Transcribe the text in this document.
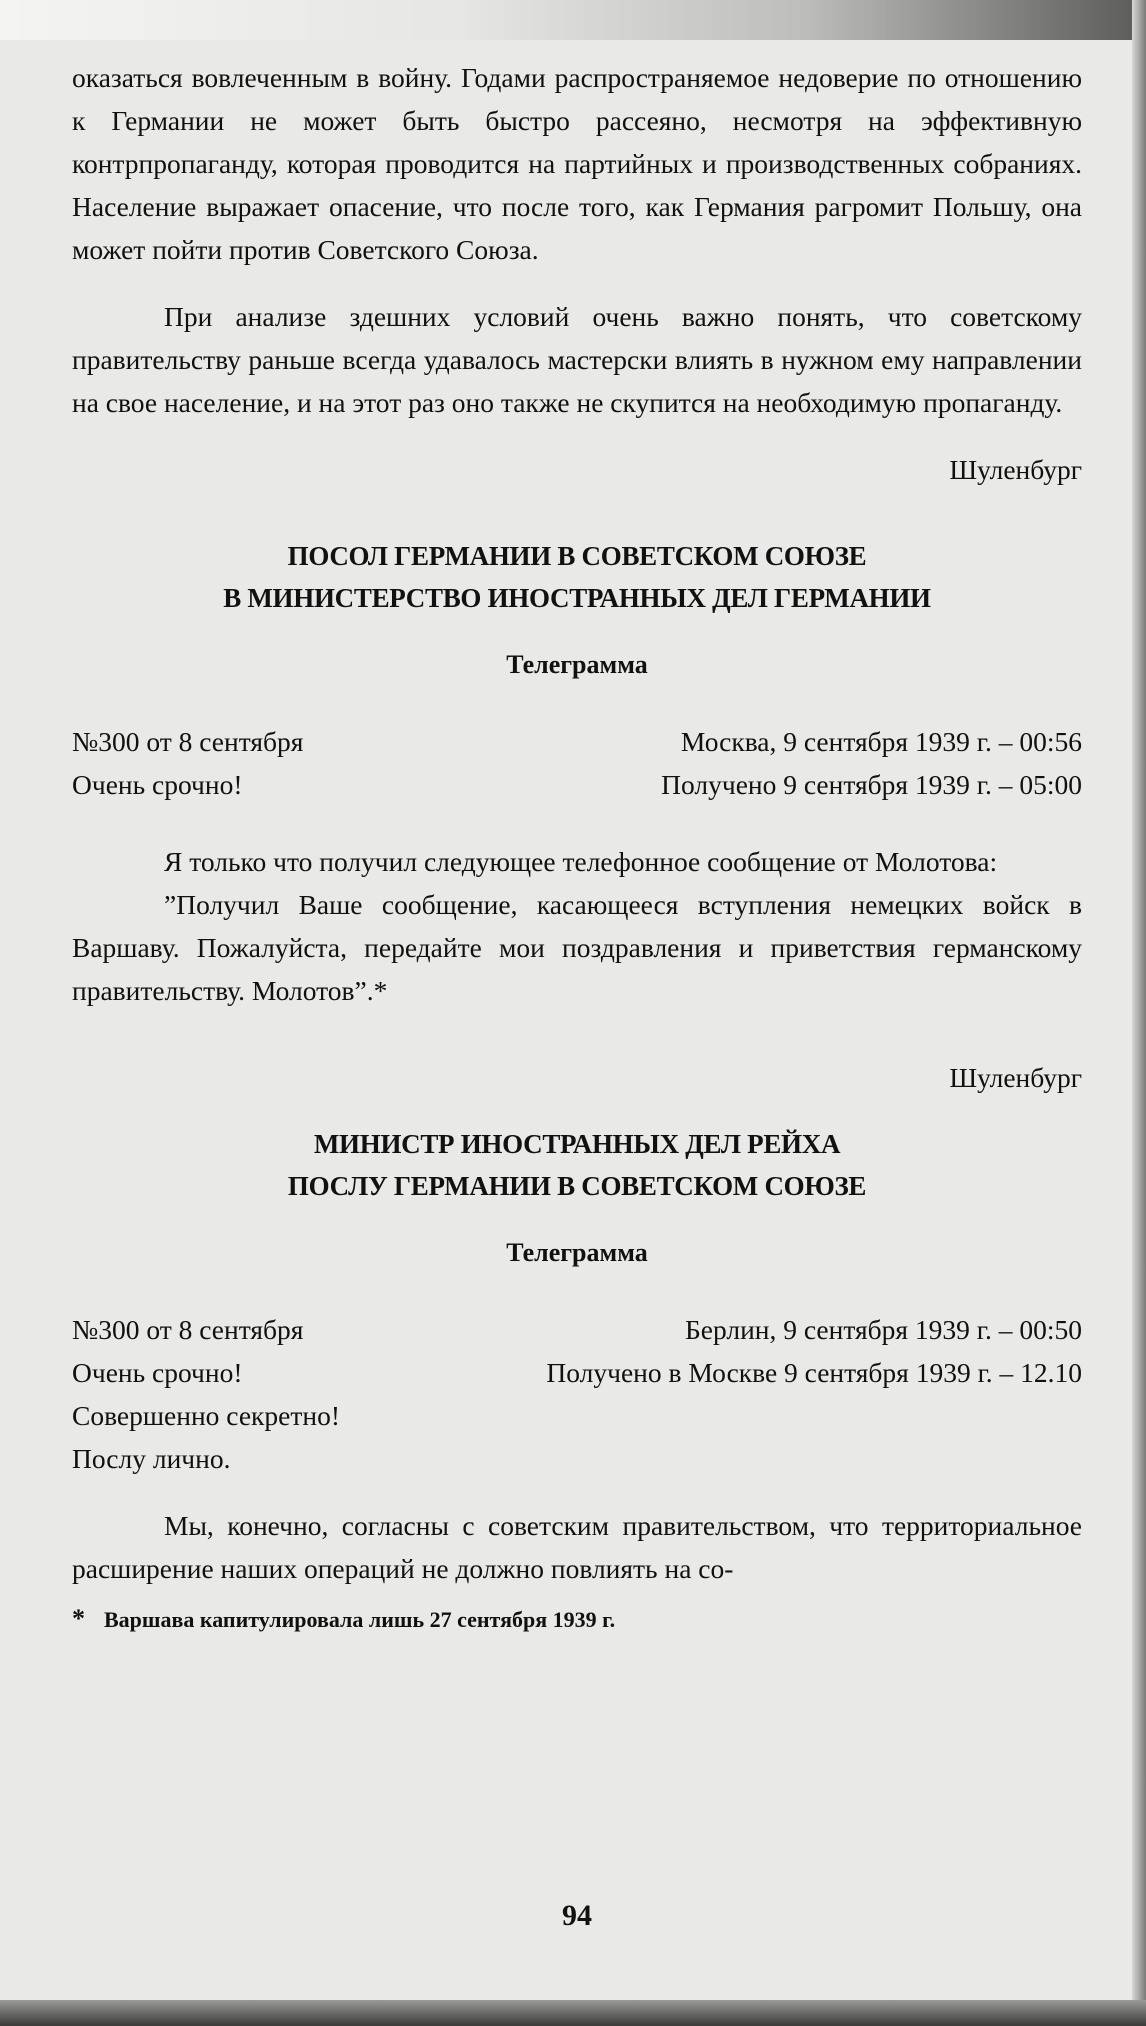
оказаться вовлеченным в войну. Годами распространяемое недоверие по отношению к Германии не может быть быстро рассеяно, несмотря на эффективную контрпропаганду, которая проводится на партийных и производственных собраниях. Население выражает опасение, что после того, как Германия рагромит Польшу, она может пойти против Советского Союза.

При анализе здешних условий очень важно понять, что советскому правительству раньше всегда удавалось мастерски влиять в нужном ему направлении на свое население, и на этот раз оно также не скупится на необходимую пропаганду.

Шуленбург

ПОСОЛ ГЕРМАНИИ В СОВЕТСКОМ СОЮЗЕ
В МИНИСТЕРСТВО ИНОСТРАННЫХ ДЕЛ ГЕРМАНИИ
Телеграмма
№300 от 8 сентября	Москва, 9 сентября 1939 г. – 00:56
Очень срочно!	Получено 9 сентября 1939 г. – 05:00

Я только что получил следующее телефонное сообщение от Молотова:

”Получил Ваше сообщение, касающееся вступления немецких войск в Варшаву. Пожалуйста, передайте мои поздравления и приветствия германскому правительству. Молотов”.*

Шуленбург

МИНИСТР ИНОСТРАННЫХ ДЕЛ РЕЙХА
ПОСЛУ ГЕРМАНИИ В СОВЕТСКОМ СОЮЗЕ
Телеграмма
№300 от 8 сентября	Берлин, 9 сентября 1939 г. – 00:50
Очень срочно!	Получено в Москве 9 сентября 1939 г. – 12.10
Совершенно секретно!
Послу лично.

Мы, конечно, согласны с советским правительством, что территориальное расширение наших операций не должно повлиять на со-

* Варшава капитулировала лишь 27 сентября 1939 г.
94
